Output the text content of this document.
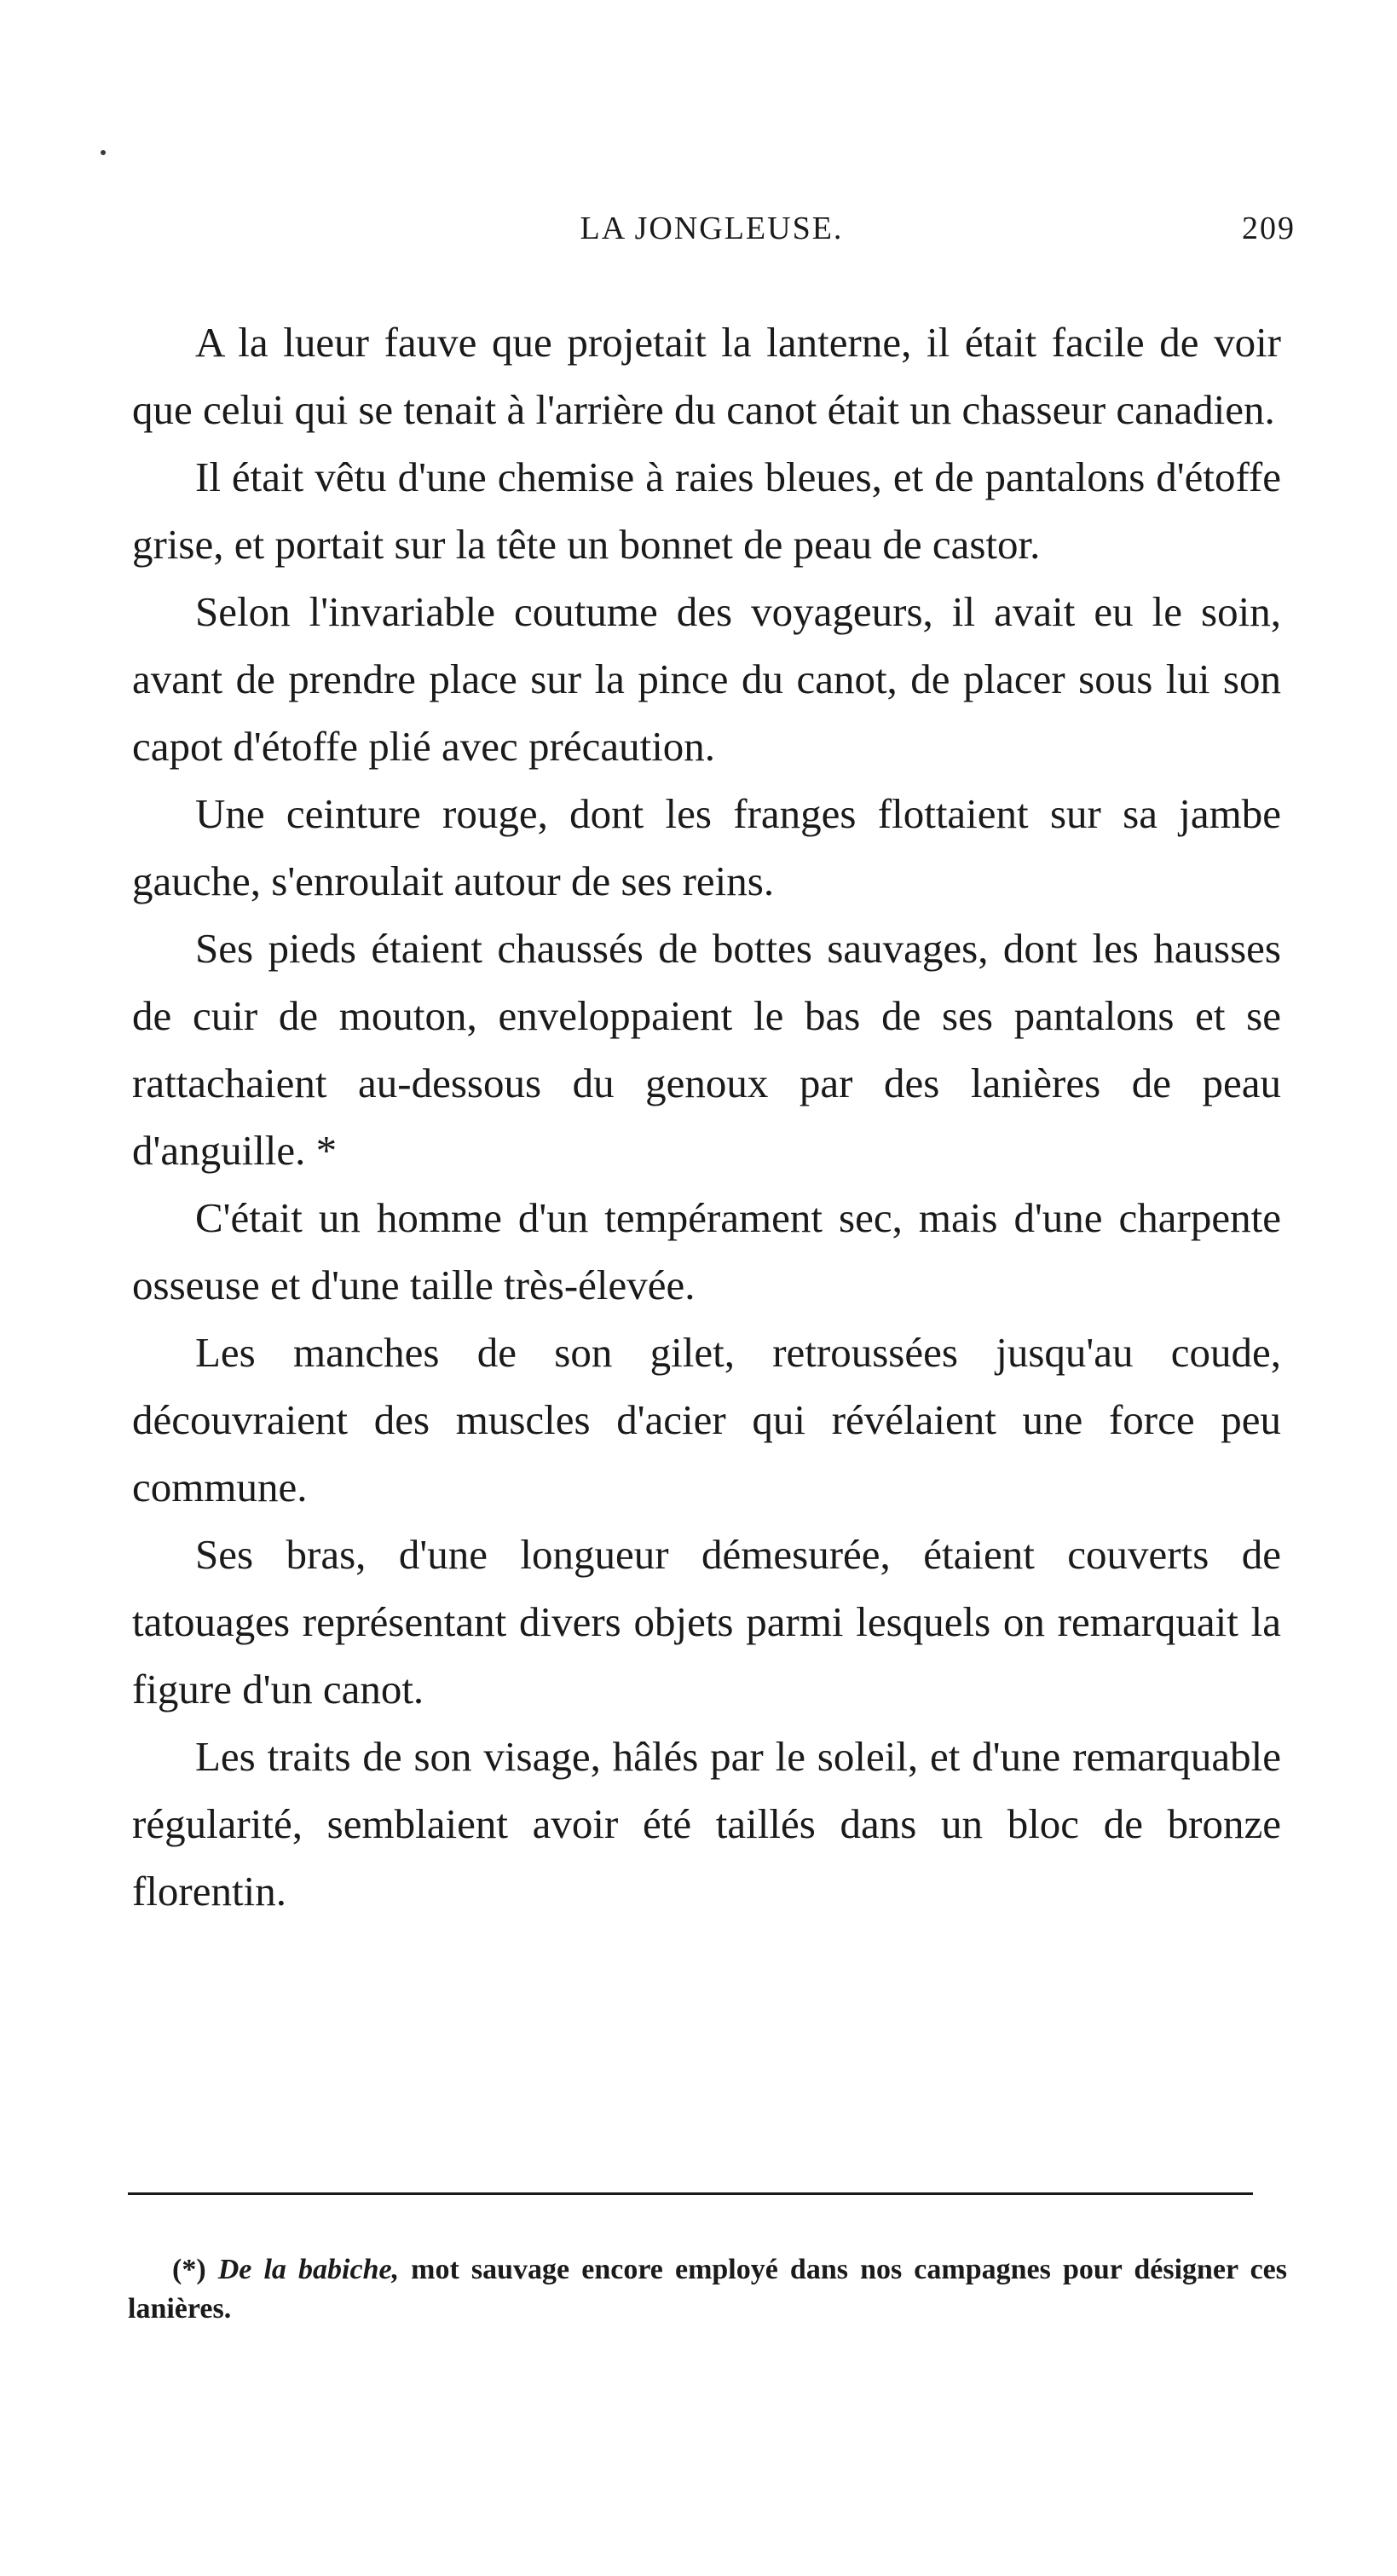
LA JONGLEUSE.	209

A la lueur fauve que projetait la lanterne, il était facile de voir que celui qui se tenait à l'arrière du canot était un chasseur canadien.

Il était vêtu d'une chemise à raies bleues, et de pantalons d'étoffe grise, et portait sur la tête un bonnet de peau de castor.

Selon l'invariable coutume des voyageurs, il avait eu le soin, avant de prendre place sur la pince du canot, de placer sous lui son capot d'étoffe plié avec précaution.

Une ceinture rouge, dont les franges flottaient sur sa jambe gauche, s'enroulait autour de ses reins.

Ses pieds étaient chaussés de bottes sauvages, dont les hausses de cuir de mouton, enveloppaient le bas de ses pantalons et se rattachaient au-dessous du genoux par des lanières de peau d'anguille. *

C'était un homme d'un tempérament sec, mais d'une charpente osseuse et d'une taille très-élevée.

Les manches de son gilet, retroussées jusqu'au coude, découvraient des muscles d'acier qui révélaient une force peu commune.

Ses bras, d'une longueur démesurée, étaient couverts de tatouages représentant divers objets parmi lesquels on remarquait la figure d'un canot.

Les traits de son visage, hâlés par le soleil, et d'une remarquable régularité, semblaient avoir été taillés dans un bloc de bronze florentin.

(*) De la babiche, mot sauvage encore employé dans nos campagnes pour désigner ces lanières.
